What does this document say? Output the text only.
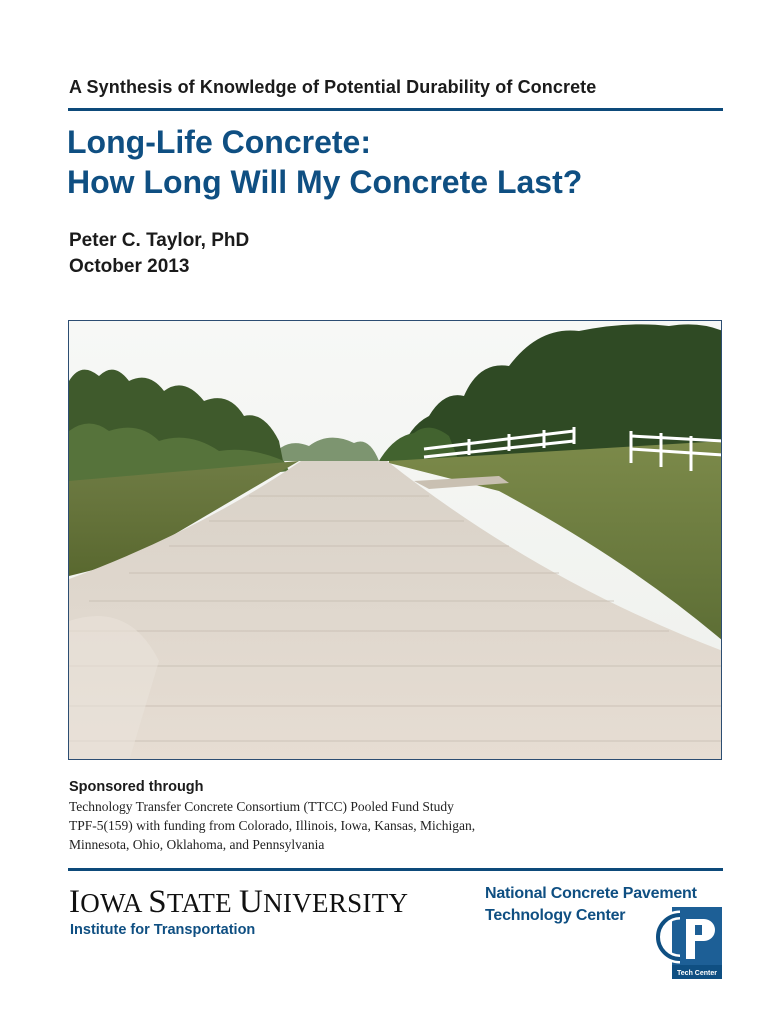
A Synthesis of Knowledge of Potential Durability of Concrete
Long-Life Concrete:
How Long Will My Concrete Last?
Peter C. Taylor, PhD
October 2013
Sponsored through
Technology Transfer Concrete Consortium (TTCC) Pooled Fund Study
TPF-5(159) with funding from Colorado, Illinois, Iowa, Kansas, Michigan,
Minnesota, Ohio, Oklahoma, and Pennsylvania
IOWA STATE UNIVERSITY
Institute for Transportation
National Concrete Pavement
Technology Center
Tech Center
